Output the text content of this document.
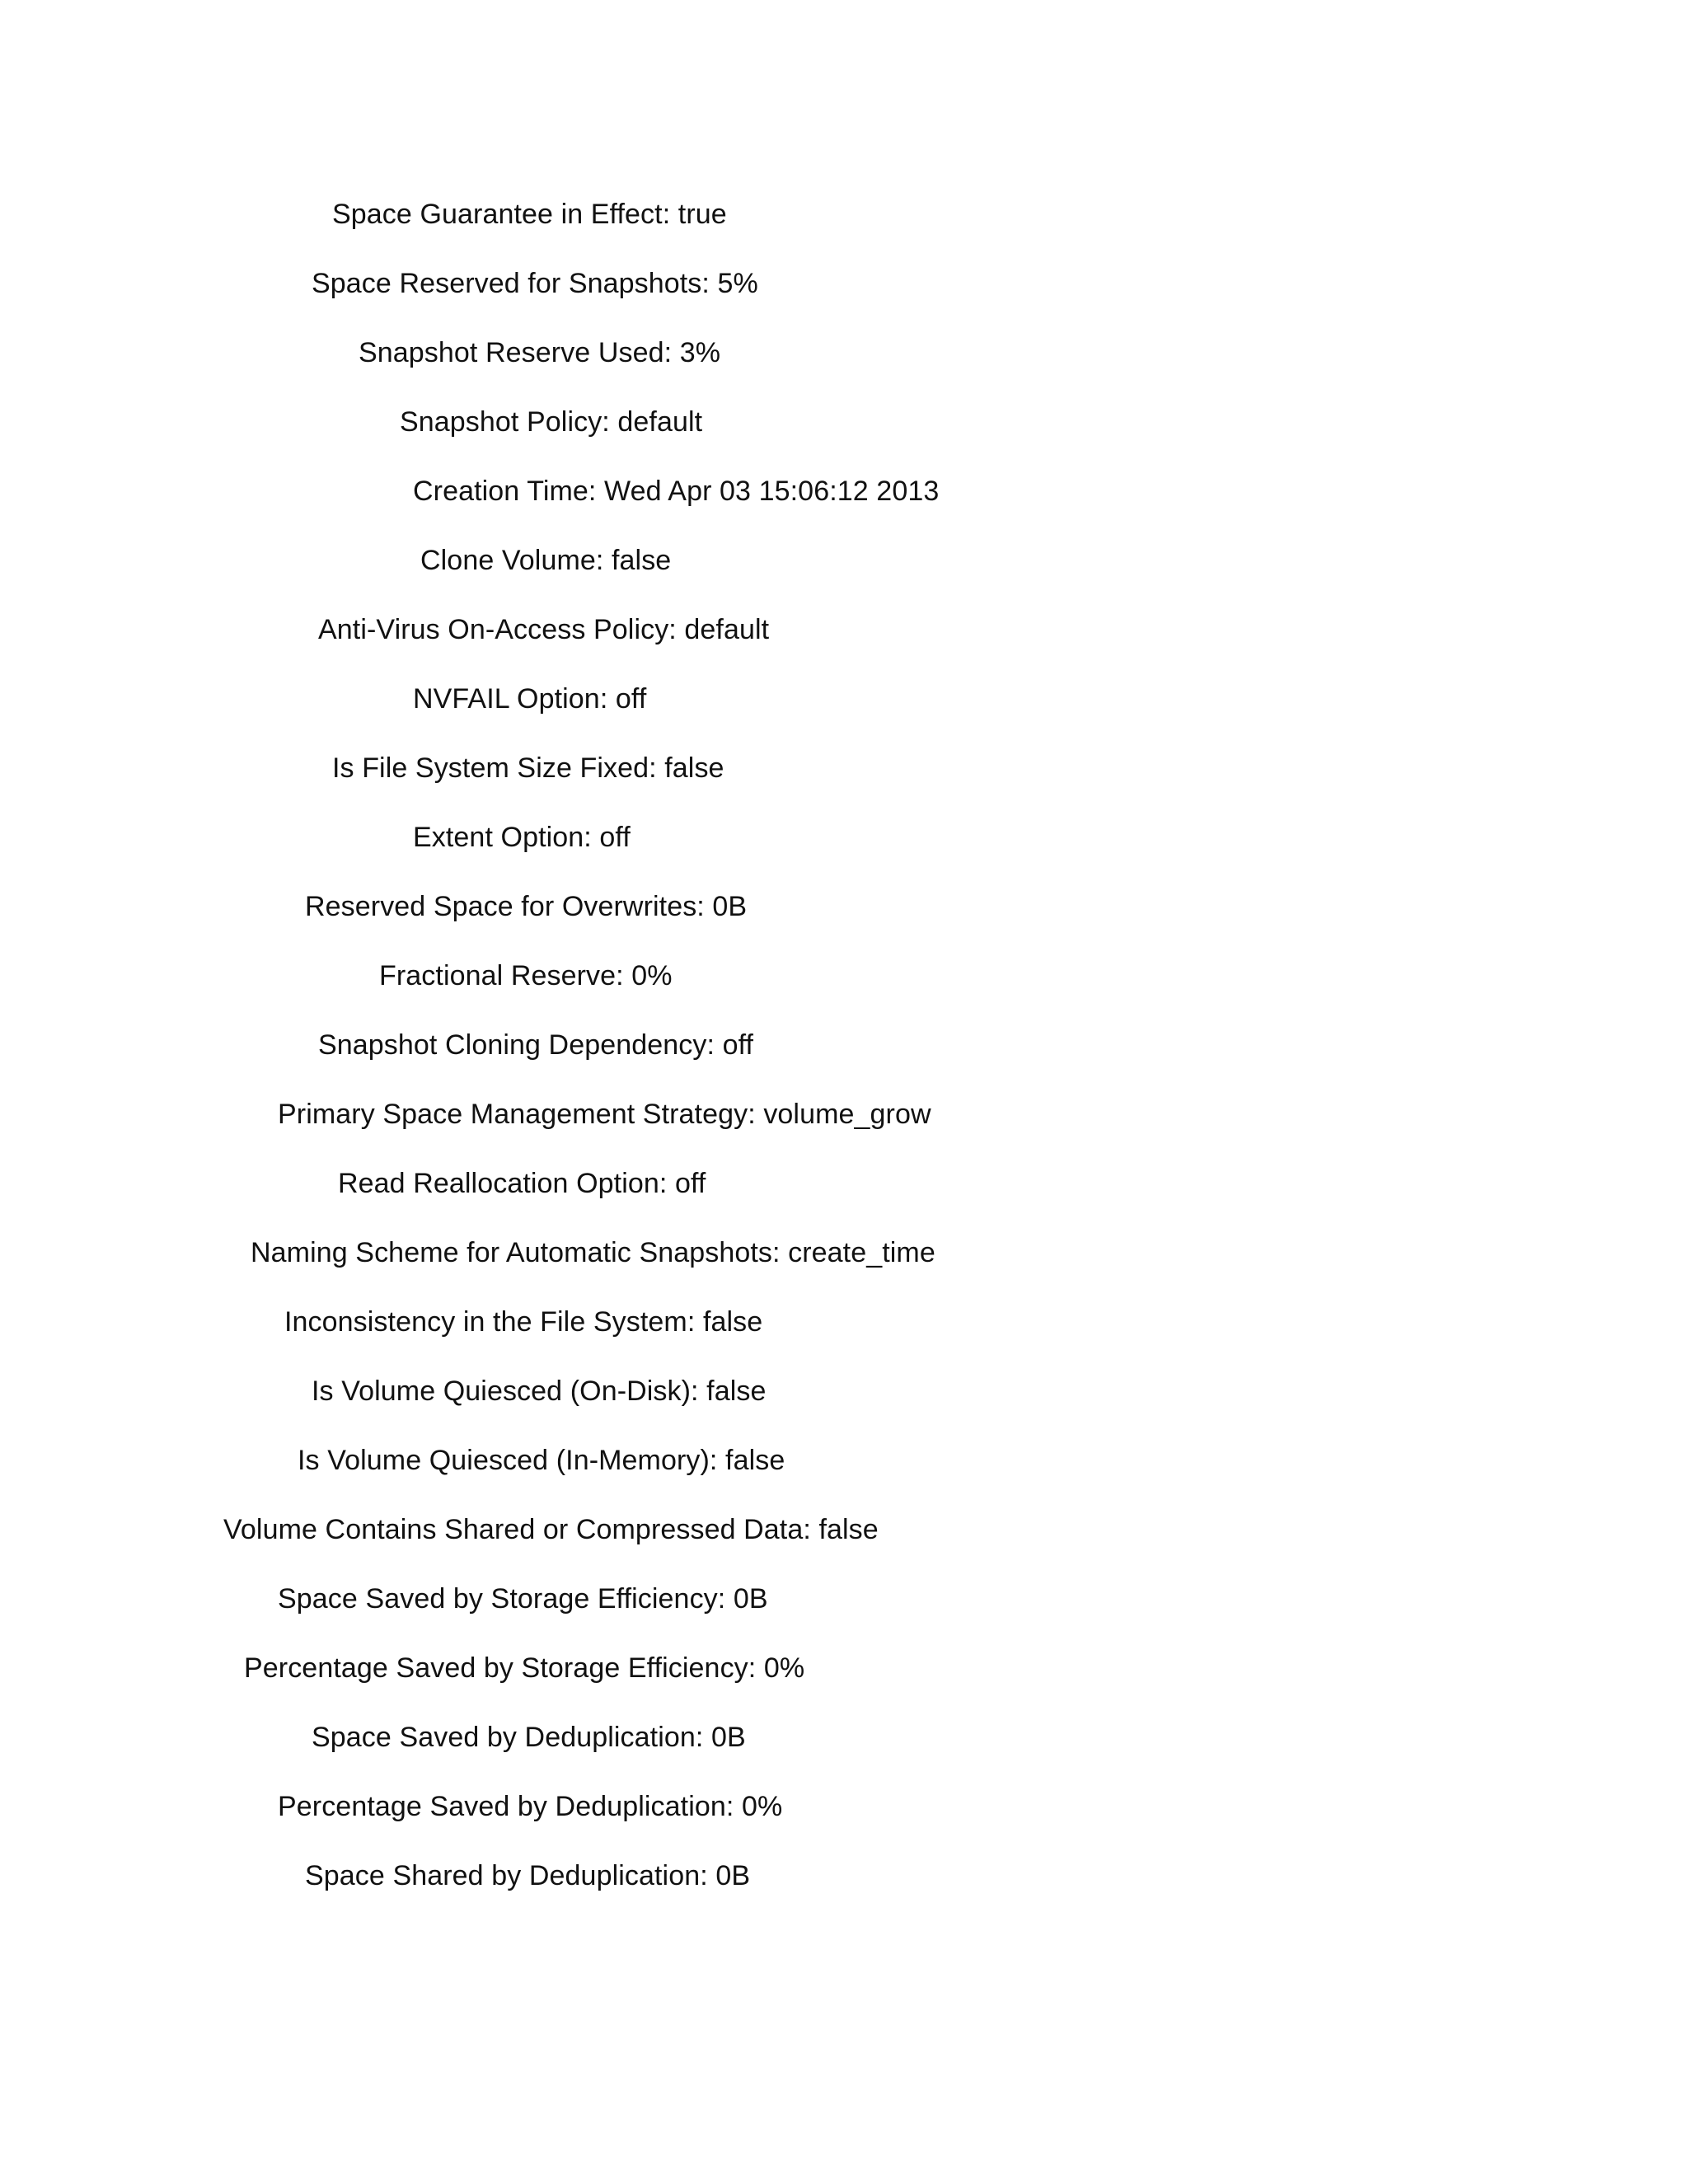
Space Guarantee in Effect: true
Space Reserved for Snapshots: 5%
Snapshot Reserve Used: 3%
Snapshot Policy: default
Creation Time: Wed Apr 03 15:06:12 2013
Clone Volume: false
Anti-Virus On-Access Policy: default
NVFAIL Option: off
Is File System Size Fixed: false
Extent Option: off
Reserved Space for Overwrites: 0B
Fractional Reserve: 0%
Snapshot Cloning Dependency: off
Primary Space Management Strategy: volume_grow
Read Reallocation Option: off
Naming Scheme for Automatic Snapshots: create_time
Inconsistency in the File System: false
Is Volume Quiesced (On-Disk): false
Is Volume Quiesced (In-Memory): false
Volume Contains Shared or Compressed Data: false
Space Saved by Storage Efficiency: 0B
Percentage Saved by Storage Efficiency: 0%
Space Saved by Deduplication: 0B
Percentage Saved by Deduplication: 0%
Space Shared by Deduplication: 0B
